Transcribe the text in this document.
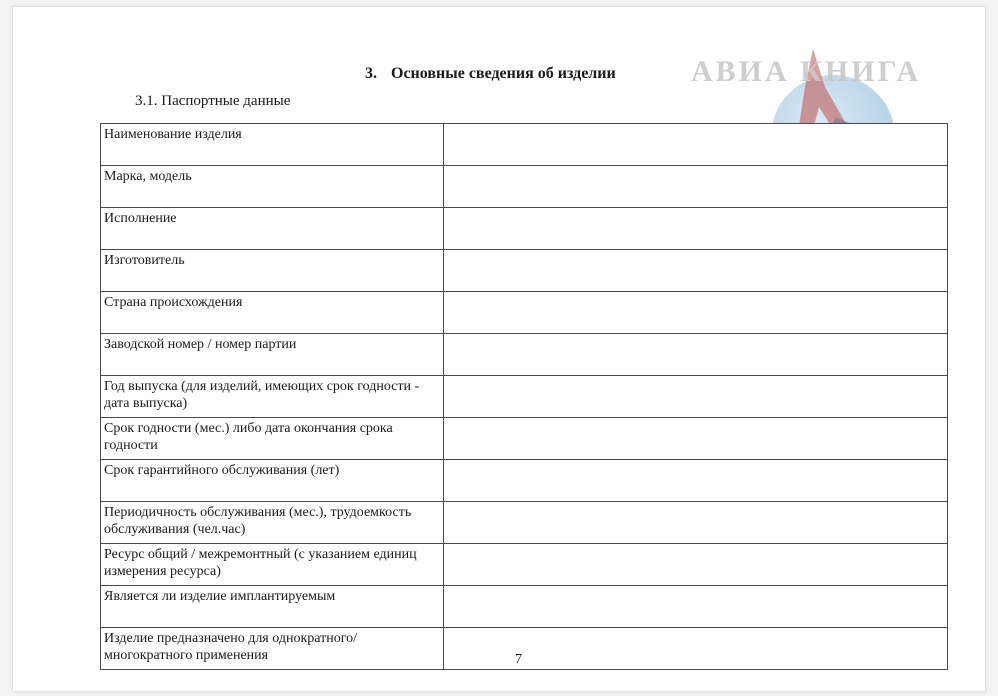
АВИА КНИГА
3. Основные сведения об изделии
3.1. Паспортные данные
Наименование изделия	
Марка, модель	
Исполнение	
Изготовитель	
Страна происхождения	
Заводской номер / номер партии	
Год выпуска (для изделий, имеющих срок годности - дата выпуска)	
Срок годности (мес.) либо дата окончания срока годности	
Срок гарантийного обслуживания (лет)	
Периодичность обслуживания (мес.), трудоемкость обслуживания (чел.час)	
Ресурс общий / межремонтный (с указанием единиц измерения ресурса)	
Является ли изделие имплантируемым	
Изделие предназначено для однократного/ многократного применения		7
